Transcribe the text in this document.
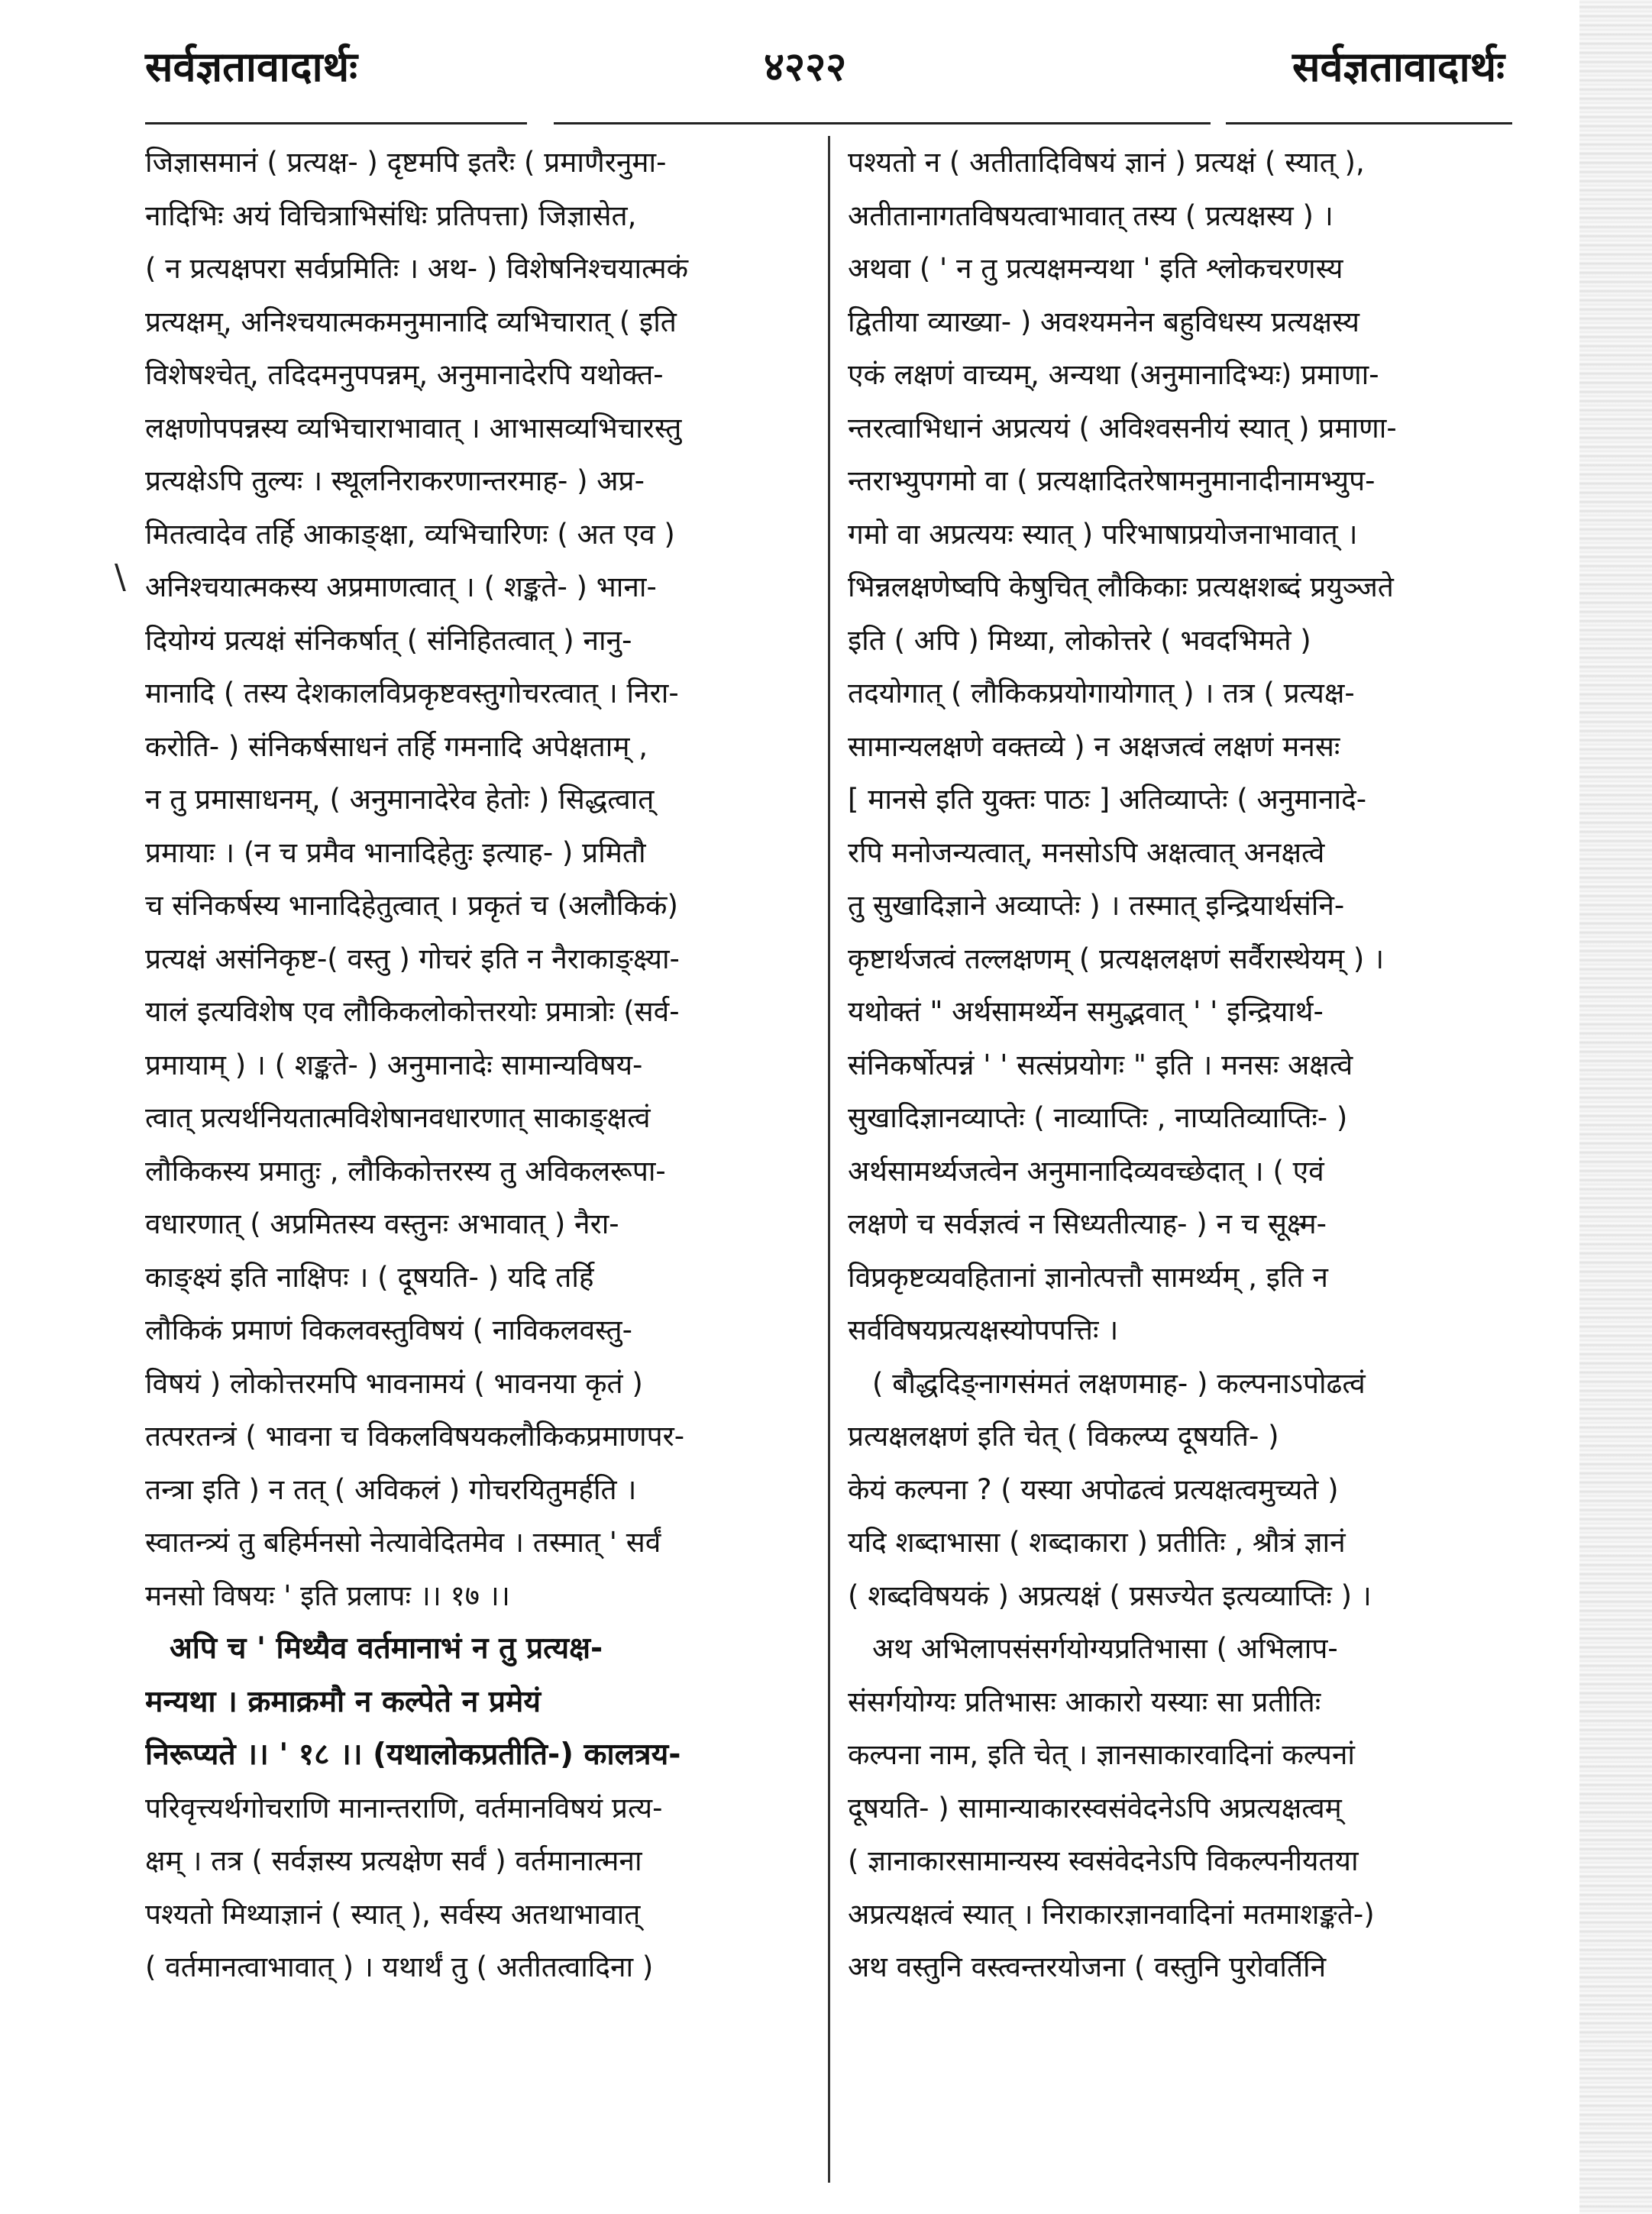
सर्वज्ञतावादार्थः	४२२२	सर्वज्ञतावादार्थः
\
जिज्ञासमानं ( प्रत्यक्ष- ) दृष्टमपि इतरैः ( प्रमाणैरनुमा-
नादिभिः अयं विचित्राभिसंधिः प्रतिपत्ता) जिज्ञासेत,
( न प्रत्यक्षपरा सर्वप्रमितिः । अथ- ) विशेषनिश्चयात्मकं
प्रत्यक्षम्, अनिश्चयात्मकमनुमानादि व्यभिचारात् ( इति
विशेषश्चेत्, तदिदमनुपपन्नम्, अनुमानादेरपि यथोक्त-
लक्षणोपपन्नस्य व्यभिचाराभावात् । आभासव्यभिचारस्तु
प्रत्यक्षेऽपि तुल्यः । स्थूलनिराकरणान्तरमाह- ) अप्र-
मितत्वादेव तर्हि आकाङ्क्षा, व्यभिचारिणः ( अत एव )
अनिश्चयात्मकस्य अप्रमाणत्वात् । ( शङ्कते- ) भाना-
दियोग्यं प्रत्यक्षं संनिकर्षात् ( संनिहितत्वात् ) नानु-
मानादि ( तस्य देशकालविप्रकृष्टवस्तुगोचरत्वात् । निरा-
करोति- ) संनिकर्षसाधनं तर्हि गमनादि अपेक्षताम् ,
न तु प्रमासाधनम्, ( अनुमानादेरेव हेतोः ) सिद्धत्वात्
प्रमायाः । (न च प्रमैव भानादिहेतुः इत्याह- ) प्रमितौ
च संनिकर्षस्य भानादिहेतुत्वात् । प्रकृतं च (अलौकिकं)
प्रत्यक्षं असंनिकृष्ट-( वस्तु ) गोचरं इति न नैराकाङ्क्ष्या-
यालं इत्यविशेष एव लौकिकलोकोत्तरयोः प्रमात्रोः (सर्व-
प्रमायाम् ) । ( शङ्कते- ) अनुमानादेः सामान्यविषय-
त्वात् प्रत्यर्थनियतात्मविशेषानवधारणात् साकाङ्क्षत्वं
लौकिकस्य प्रमातुः , लौकिकोत्तरस्य तु अविकलरूपा-
वधारणात् ( अप्रमितस्य वस्तुनः अभावात् ) नैरा-
काङ्क्ष्यं इति नाक्षिपः । ( दूषयति- ) यदि तर्हि
लौकिकं प्रमाणं विकलवस्तुविषयं ( नाविकलवस्तु-
विषयं ) लोकोत्तरमपि भावनामयं ( भावनया कृतं )
तत्परतन्त्रं ( भावना च विकलविषयकलौकिकप्रमाणपर-
तन्त्रा इति ) न तत् ( अविकलं ) गोचरयितुमर्हति ।
स्वातन्त्र्यं तु बहिर्मनसो नेत्यावेदितमेव । तस्मात् ' सर्वं
मनसो विषयः ' इति प्रलापः ।। १७ ।।
अपि च ' मिथ्यैव वर्तमानाभं न तु प्रत्यक्ष-
मन्यथा । क्रमाक्रमौ न कल्पेते न प्रमेयं
निरूप्यते ।। ' १८ ।। (यथालोकप्रतीति-) कालत्रय-
परिवृत्त्यर्थगोचराणि मानान्तराणि, वर्तमानविषयं प्रत्य-
क्षम् । तत्र ( सर्वज्ञस्य प्रत्यक्षेण सर्वं ) वर्तमानात्मना
पश्यतो मिथ्याज्ञानं ( स्यात् ), सर्वस्य अतथाभावात्
( वर्तमानत्वाभावात् ) । यथार्थं तु ( अतीतत्वादिना )
पश्यतो न ( अतीतादिविषयं ज्ञानं ) प्रत्यक्षं ( स्यात् ),
अतीतानागतविषयत्वाभावात् तस्य ( प्रत्यक्षस्य ) ।
अथवा ( ' न तु प्रत्यक्षमन्यथा ' इति श्लोकचरणस्य
द्वितीया व्याख्या- ) अवश्यमनेन बहुविधस्य प्रत्यक्षस्य
एकं लक्षणं वाच्यम्, अन्यथा (अनुमानादिभ्यः) प्रमाणा-
न्तरत्वाभिधानं अप्रत्ययं ( अविश्वसनीयं स्यात् ) प्रमाणा-
न्तराभ्युपगमो वा ( प्रत्यक्षादितरेषामनुमानादीनामभ्युप-
गमो वा अप्रत्ययः स्यात् ) परिभाषाप्रयोजनाभावात् ।
भिन्नलक्षणेष्वपि केषुचित् लौकिकाः प्रत्यक्षशब्दं प्रयुञ्जते
इति ( अपि ) मिथ्या, लोकोत्तरे ( भवदभिमते )
तदयोगात् ( लौकिकप्रयोगायोगात् ) । तत्र ( प्रत्यक्ष-
सामान्यलक्षणे वक्तव्ये ) न अक्षजत्वं लक्षणं मनसः
[ मानसे इति युक्तः पाठः ] अतिव्याप्तेः ( अनुमानादे-
रपि मनोजन्यत्वात्, मनसोऽपि अक्षत्वात् अनक्षत्वे
तु सुखादिज्ञाने अव्याप्तेः ) । तस्मात् इन्द्रियार्थसंनि-
कृष्टार्थजत्वं तल्लक्षणम् ( प्रत्यक्षलक्षणं सर्वैरास्थेयम् ) ।
यथोक्तं " अर्थसामर्थ्येन समुद्भवात् ' ' इन्द्रियार्थ-
संनिकर्षोत्पन्नं ' ' सत्संप्रयोगः " इति । मनसः अक्षत्वे
सुखादिज्ञानव्याप्तेः ( नाव्याप्तिः , नाप्यतिव्याप्तिः- )
अर्थसामर्थ्यजत्वेन अनुमानादिव्यवच्छेदात् । ( एवं
लक्षणे च सर्वज्ञत्वं न सिध्यतीत्याह- ) न च सूक्ष्म-
विप्रकृष्टव्यवहितानां ज्ञानोत्पत्तौ सामर्थ्यम् , इति न
सर्वविषयप्रत्यक्षस्योपपत्तिः ।
( बौद्धदिङ्नागसंमतं लक्षणमाह- ) कल्पनाऽपोढत्वं
प्रत्यक्षलक्षणं इति चेत् ( विकल्प्य दूषयति- )
केयं कल्पना ? ( यस्या अपोढत्वं प्रत्यक्षत्वमुच्यते )
यदि शब्दाभासा ( शब्दाकारा ) प्रतीतिः , श्रौत्रं ज्ञानं
( शब्दविषयकं ) अप्रत्यक्षं ( प्रसज्येत इत्यव्याप्तिः ) ।
अथ अभिलापसंसर्गयोग्यप्रतिभासा ( अभिलाप-
संसर्गयोग्यः प्रतिभासः आकारो यस्याः सा प्रतीतिः
कल्पना नाम, इति चेत् । ज्ञानसाकारवादिनां कल्पनां
दूषयति- ) सामान्याकारस्वसंवेदनेऽपि अप्रत्यक्षत्वम्
( ज्ञानाकारसामान्यस्य स्वसंवेदनेऽपि विकल्पनीयतया
अप्रत्यक्षत्वं स्यात् । निराकारज्ञानवादिनां मतमाशङ्कते-)
अथ वस्तुनि वस्त्वन्तरयोजना ( वस्तुनि पुरोवर्तिनि
